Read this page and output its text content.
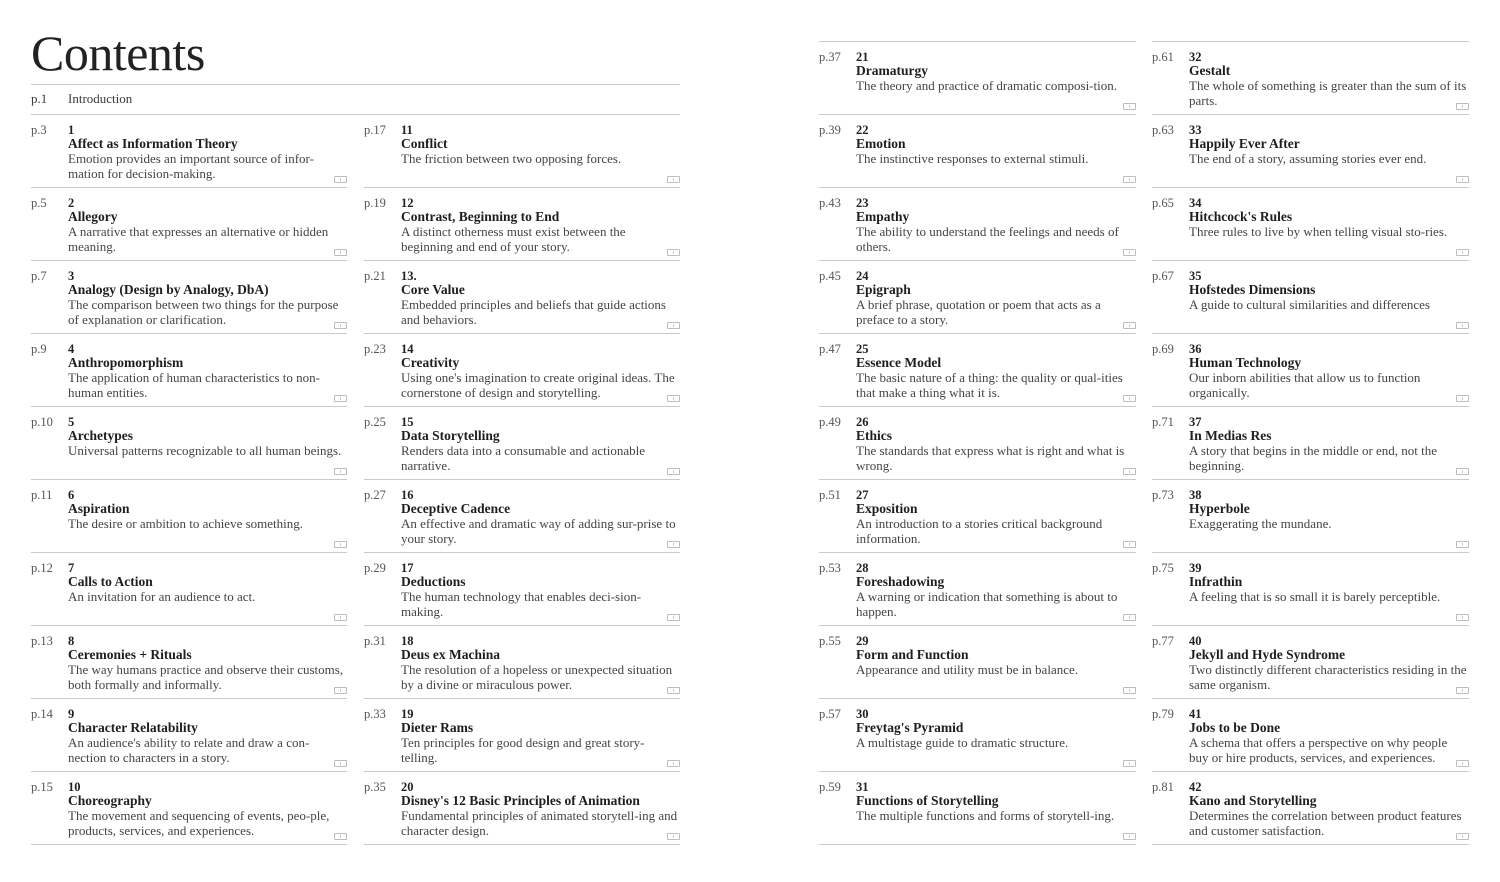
Contents
p.1	Introduction
p.3	1
Affect as Information Theory
Emotion provides an important source of infor-mation for decision-making.
p.5	2
Allegory
A narrative that expresses an alternative or hidden meaning.
p.7	3
Analogy (Design by Analogy, DbA)
The comparison between two things for the purpose of explanation or clarification.
p.9	4
Anthropomorphism
The application of human characteristics to non-human entities.
p.10	5
Archetypes
Universal patterns recognizable to all human beings.
p.11	6
Aspiration
The desire or ambition to achieve something.
p.12	7
Calls to Action
An invitation for an audience to act.
p.13	8
Ceremonies + Rituals
The way humans practice and observe their customs, both formally and informally.
p.14	9
Character Relatability
An audience's ability to relate and draw a con-nection to characters in a story.
p.15	10
Choreography
The movement and sequencing of events, peo-ple, products, services, and experiences.
p.17	11
Conflict
The friction between two opposing forces.
p.19	12
Contrast, Beginning to End
A distinct otherness must exist between the beginning and end of your story.
p.21	13.
Core Value
Embedded principles and beliefs that guide actions and behaviors.
p.23	14
Creativity
Using one's imagination to create original ideas. The cornerstone of design and storytelling.
p.25	15
Data Storytelling
Renders data into a consumable and actionable narrative.
p.27	16
Deceptive Cadence
An effective and dramatic way of adding sur-prise to your story.
p.29	17
Deductions
The human technology that enables deci-sion-making.
p.31	18
Deus ex Machina
The resolution of a hopeless or unexpected situation by a divine or miraculous power.
p.33	19
Dieter Rams
Ten principles for good design and great story-telling.
p.35	20
Disney's 12 Basic Principles of Animation
Fundamental principles of animated storytell-ing and character design.
p.37	21
Dramaturgy
The theory and practice of dramatic composi-tion.
p.39	22
Emotion
The instinctive responses to external stimuli.
p.43	23
Empathy
The ability to understand the feelings and needs of others.
p.45	24
Epigraph
A brief phrase, quotation or poem that acts as a preface to a story.
p.47	25
Essence Model
The basic nature of a thing: the quality or qual-ities that make a thing what it is.
p.49	26
Ethics
The standards that express what is right and what is wrong.
p.51	27
Exposition
An introduction to a stories critical background information.
p.53	28
Foreshadowing
A warning or indication that something is about to happen.
p.55	29
Form and Function
Appearance and utility must be in balance.
p.57	30
Freytag's Pyramid
A multistage guide to dramatic structure.
p.59	31
Functions of Storytelling
The multiple functions and forms of storytell-ing.
p.61	32
Gestalt
The whole of something is greater than the sum of its parts.
p.63	33
Happily Ever After
The end of a story, assuming stories ever end.
p.65	34
Hitchcock's Rules
Three rules to live by when telling visual sto-ries.
p.67	35
Hofstedes Dimensions
A guide to cultural similarities and differences
p.69	36
Human Technology
Our inborn abilities that allow us to function organically.
p.71	37
In Medias Res
A story that begins in the middle or end, not the beginning.
p.73	38
Hyperbole
Exaggerating the mundane.
p.75	39
Infrathin
A feeling that is so small it is barely perceptible.
p.77	40
Jekyll and Hyde Syndrome
Two distinctly different characteristics residing in the same organism.
p.79	41
Jobs to be Done
A schema that offers a perspective on why people buy or hire products, services, and experiences.
p.81	42
Kano and Storytelling
Determines the correlation between product features and customer satisfaction.
